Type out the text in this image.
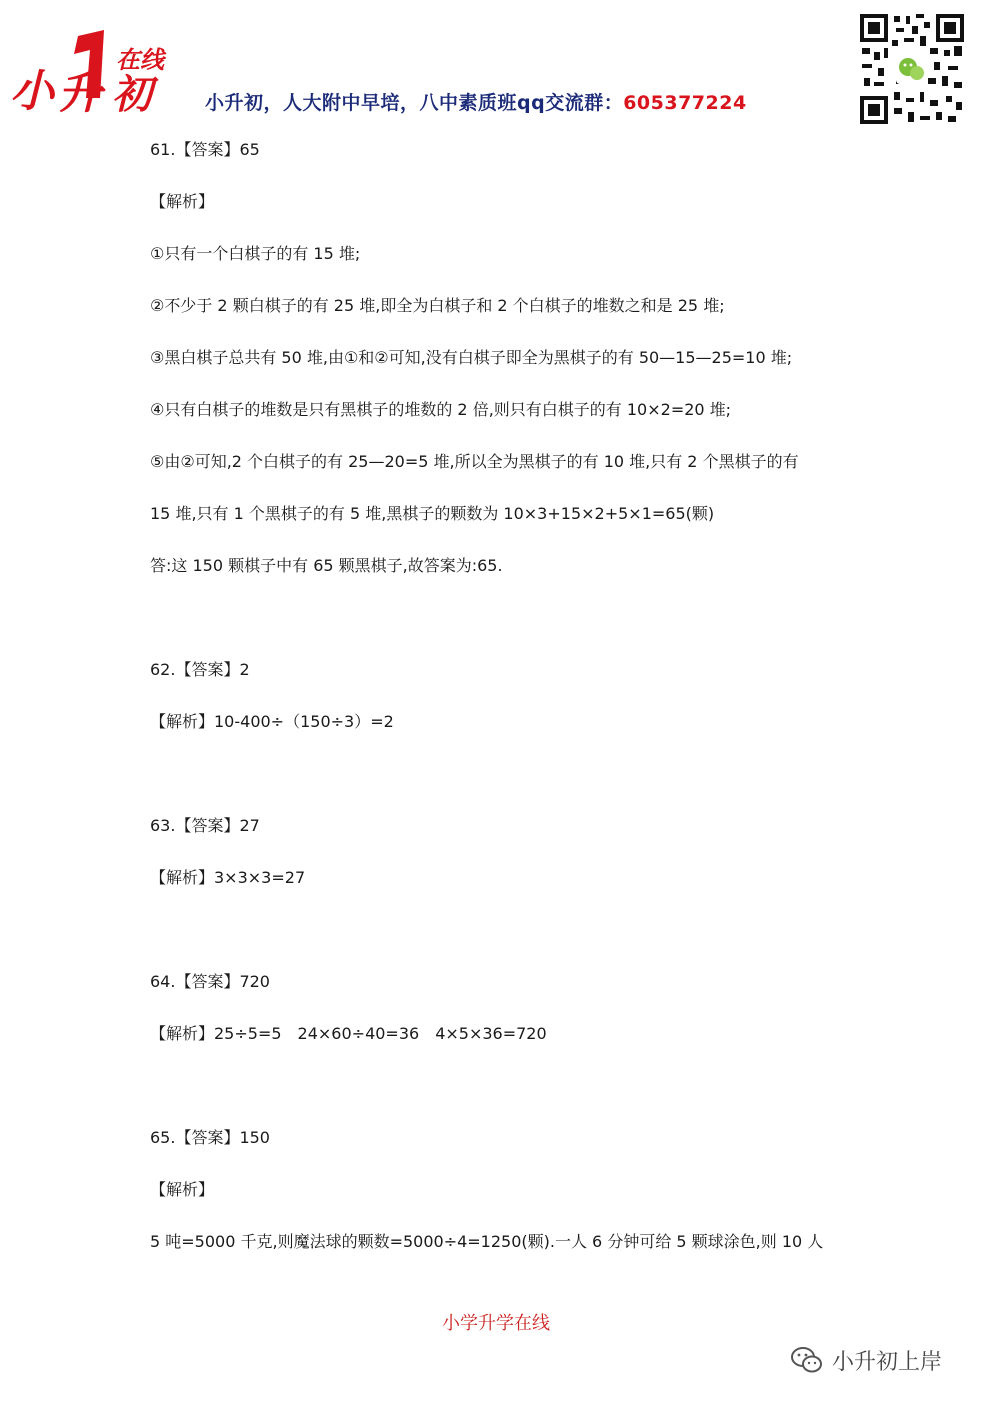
小 升 初
在线
小升初，人大附中早培，八中素质班qq交流群：605377224
61.【答案】65
【解析】
①只有一个白棋子的有 15 堆;
②不少于 2 颗白棋子的有 25 堆,即全为白棋子和 2 个白棋子的堆数之和是 25 堆;
③黑白棋子总共有 50 堆,由①和②可知,没有白棋子即全为黑棋子的有 50—15—25=10 堆;
④只有白棋子的堆数是只有黑棋子的堆数的 2 倍,则只有白棋子的有 10×2=20 堆;
⑤由②可知,2 个白棋子的有 25—20=5 堆,所以全为黑棋子的有 10 堆,只有 2 个黑棋子的有
15 堆,只有 1 个黑棋子的有 5 堆,黑棋子的颗数为 10×3+15×2+5×1=65(颗)
答:这 150 颗棋子中有 65 颗黑棋子,故答案为:65.
62.【答案】2
【解析】10-400÷（150÷3）=2
63.【答案】27
【解析】3×3×3=27
64.【答案】720
【解析】25÷5=5　24×60÷40=36　4×5×36=720
65.【答案】150
【解析】
5 吨=5000 千克,则魔法球的颗数=5000÷4=1250(颗).一人 6 分钟可给 5 颗球涂色,则 10 人
小学升学在线
小升初上岸
